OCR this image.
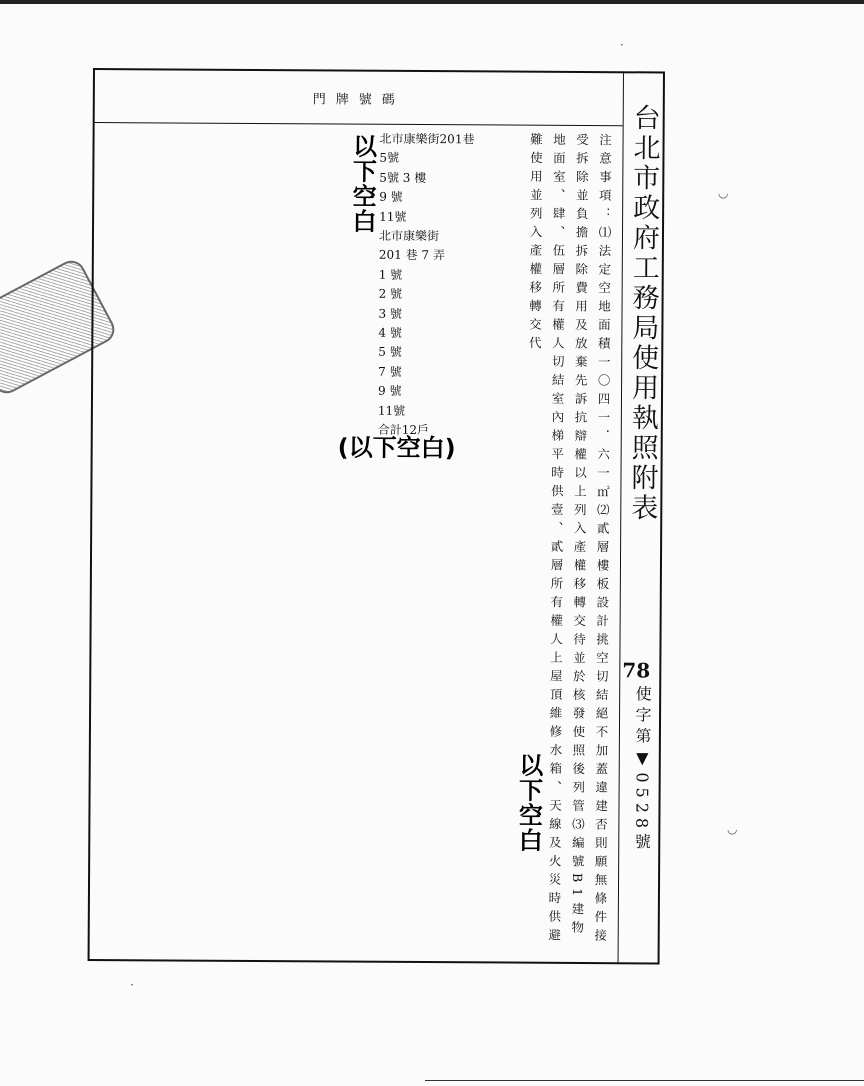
·
◡
◡
·
門牌號碼
台北市政府工務局使用執照附表
78
使字第▼0528號
注意事項：⑴法定空地面積一〇四一．六一㎡⑵貳層樓板設計挑空切結絕不加蓋違建否則願無條件接受拆除並負擔拆除費用及放棄先訴抗辯權以上列入產權移轉交待並於核發使照後列管⑶編號B1建物地面室、肆、伍層所有權人切結室內梯平時供壹、貳層所有權人上屋頂維修水箱、天線及火災時供避難使用並列入產權移轉交代
北市康樂街201巷
5號
5號 3 樓
9 號
11號
北市康樂街
201 巷 7 弄
1 號
2 號
3 號
4 號
5 號
7 號
9 號
11號
合計12戶
以下空白
(以下空白)
以下空白
